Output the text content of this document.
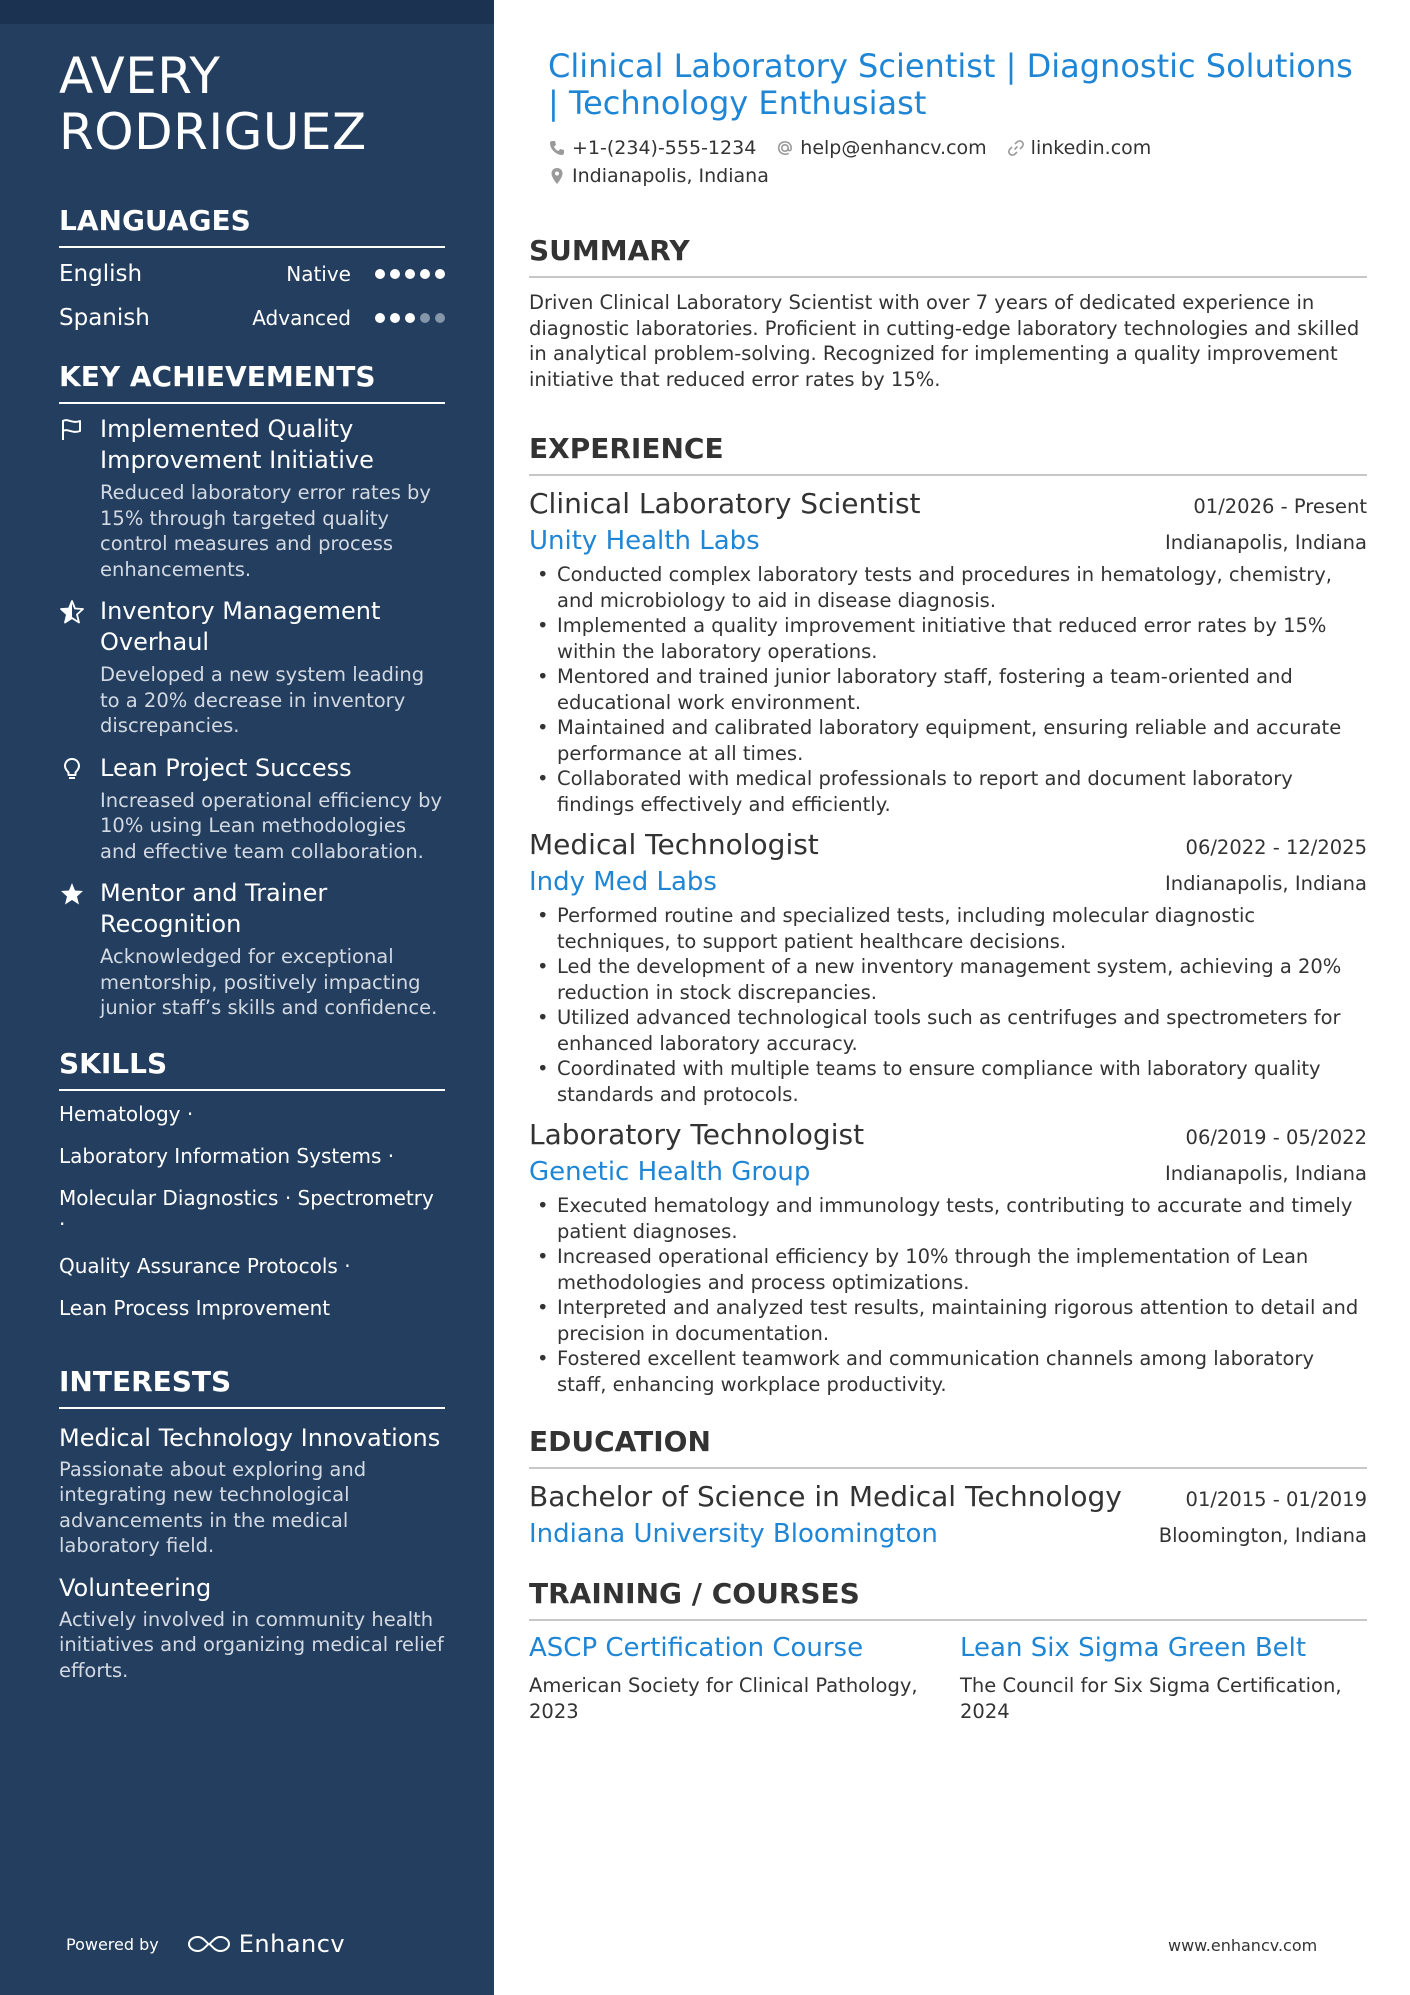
AVERY RODRIGUEZ
LANGUAGES
English	Native
Spanish	Advanced
KEY ACHIEVEMENTS
Implemented Quality Improvement Initiative
Reduced laboratory error rates by 15% through targeted quality control measures and process enhancements.
Inventory Management Overhaul
Developed a new system leading to a 20% decrease in inventory discrepancies.
Lean Project Success
Increased operational efficiency by 10% using Lean methodologies and effective team collaboration.
Mentor and Trainer Recognition
Acknowledged for exceptional mentorship, positively impacting junior staff’s skills and confidence.
SKILLS
Hematology ·
Laboratory Information Systems ·
Molecular Diagnostics · Spectrometry ·
Quality Assurance Protocols ·
Lean Process Improvement
INTERESTS
Medical Technology Innovations
Passionate about exploring and integrating new technological advancements in the medical laboratory field.
Volunteering
Actively involved in community health initiatives and organizing medical relief efforts.
Powered by	Enhancv
Clinical Laboratory Scientist | Diagnostic Solutions | Technology Enthusiast
+1-(234)-555-1234 help@enhancv.com linkedin.com
Indianapolis, Indiana
SUMMARY

Driven Clinical Laboratory Scientist with over 7 years of dedicated experience in diagnostic laboratories. Proficient in cutting-edge laboratory technologies and skilled in analytical problem-solving. Recognized for implementing a quality improvement initiative that reduced error rates by 15%.

EXPERIENCE
Clinical Laboratory Scientist	01/2026 - Present
Unity Health Labs	Indianapolis, Indiana
• Conducted complex laboratory tests and procedures in hematology, chemistry, and microbiology to aid in disease diagnosis.
• Implemented a quality improvement initiative that reduced error rates by 15% within the laboratory operations.
• Mentored and trained junior laboratory staff, fostering a team-oriented and educational work environment.
• Maintained and calibrated laboratory equipment, ensuring reliable and accurate performance at all times.
• Collaborated with medical professionals to report and document laboratory findings effectively and efficiently.
Medical Technologist	06/2022 - 12/2025
Indy Med Labs	Indianapolis, Indiana
• Performed routine and specialized tests, including molecular diagnostic techniques, to support patient healthcare decisions.
• Led the development of a new inventory management system, achieving a 20% reduction in stock discrepancies.
• Utilized advanced technological tools such as centrifuges and spectrometers for enhanced laboratory accuracy.
• Coordinated with multiple teams to ensure compliance with laboratory quality standards and protocols.
Laboratory Technologist	06/2019 - 05/2022
Genetic Health Group	Indianapolis, Indiana
• Executed hematology and immunology tests, contributing to accurate and timely patient diagnoses.
• Increased operational efficiency by 10% through the implementation of Lean methodologies and process optimizations.
• Interpreted and analyzed test results, maintaining rigorous attention to detail and precision in documentation.
• Fostered excellent teamwork and communication channels among laboratory staff, enhancing workplace productivity.
EDUCATION
Bachelor of Science in Medical Technology	01/2015 - 01/2019
Indiana University Bloomington	Bloomington, Indiana
TRAINING / COURSES
ASCP Certification Course
American Society for Clinical Pathology, 2023
Lean Six Sigma Green Belt
The Council for Six Sigma Certification, 2024
www.enhancv.com
